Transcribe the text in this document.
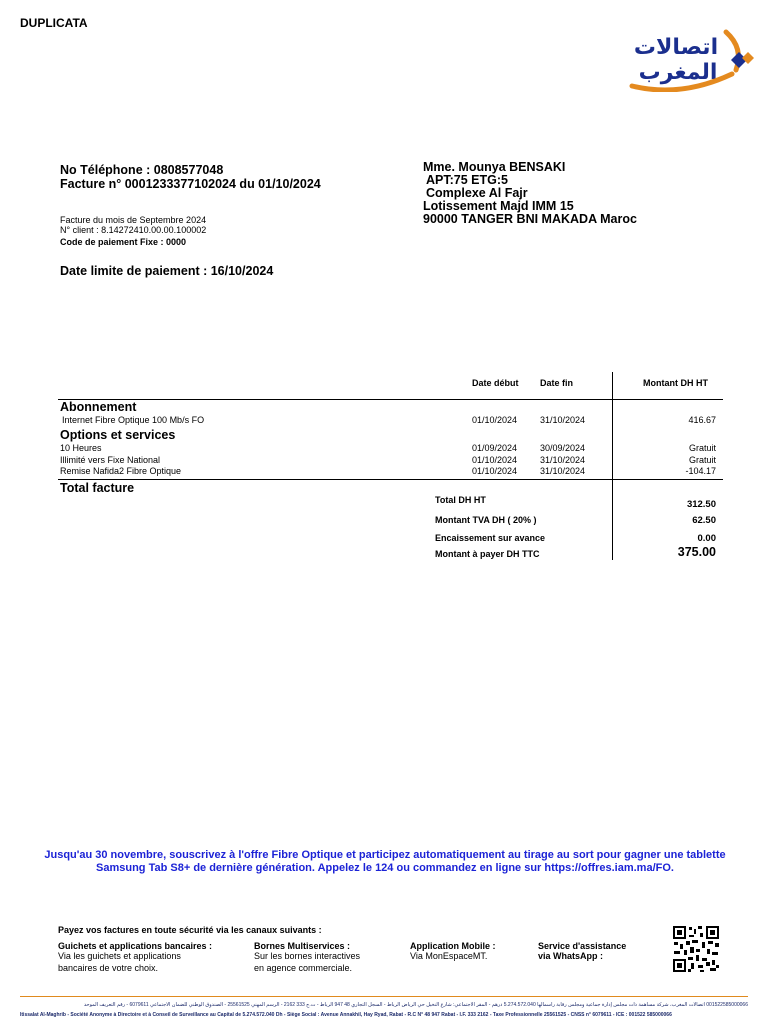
DUPLICATA
اتصالات
المغرب
No Téléphone : 0808577048
Facture n° 0001233377102024 du 01/10/2024
Facture du mois de Septembre 2024
N° client : 8.14272410.00.00.100002
Code de paiement Fixe : 0000
Date limite de paiement : 16/10/2024
Mme. Mounya BENSAKI
APT:75 ETG:5
Complexe Al Fajr
Lotissement Majd IMM 15
90000 TANGER BNI MAKADA Maroc
Date début Date fin	Montant DH HT
Abonnement
Internet Fibre Optique 100 Mb/s FO	01/10/2024	31/10/2024	416.67
Options et services
10 Heures	01/09/2024	30/09/2024	Gratuit
Illimité vers Fixe National	01/10/2024	31/10/2024	Gratuit
Remise Nafida2 Fibre Optique	01/10/2024	31/10/2024	-104.17
Total facture
Total DH HT	312.50
Montant TVA DH ( 20% )	62.50
Encaissement sur avance	0.00
Montant à payer DH TTC	375.00
Jusqu'au 30 novembre, souscrivez à l'offre Fibre Optique et participez automatiquement au tirage au sort pour gagner une tablette Samsung Tab S8+ de dernière génération. Appelez le 124 ou commandez en ligne sur https://offres.iam.ma/FO.
Payez vos factures en toute sécurité via les canaux suivants :
Guichets et applications bancaires :
Via les guichets et applications
bancaires de votre choix.
Bornes Multiservices :
Sur les bornes interactives
en agence commerciale.
Application Mobile :
Via MonEspaceMT.
Service d'assistance
via WhatsApp :
001522585000066 اتصالات المغرب، شركة مساهمة ذات مجلس إدارة جماعية ومجلس رقابة رأسمالها 5.274.572.040 درهم - المقر الاجتماعي: شارع النخيل حي الرياض الرباط - السجل التجاري 48 947 الرباط - ت.ج 333 2162 - الرسم المهني 25561525 - الصندوق الوطني للضمان الاجتماعي 6079611 - رقم التعريف الموحد
Itissalat Al-Maghrib - Société Anonyme à Directoire et à Conseil de Surveillance au Capital de 5.274.572.040 Dh - Siège Social : Avenue Annakhil, Hay Ryad, Rabat - R.C N° 48 947 Rabat - I.F. 333 2162 - Taxe Professionnelle 25561525 - CNSS n° 6079611 - ICE : 001522 585000066
